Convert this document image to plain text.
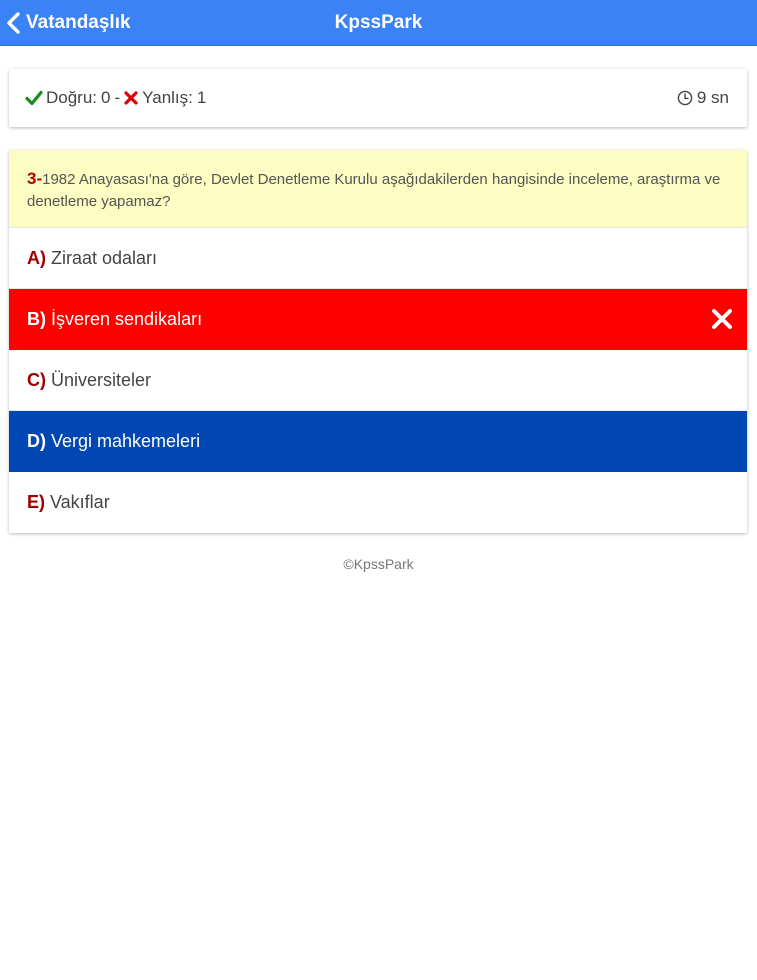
Vatandaşlık	KpssPark
Doğru: 0 - Yanlış: 1	9 sn
3-1982 Anayasası'na göre, Devlet Denetleme Kurulu aşağıdakilerden hangisinde inceleme, araştırma ve denetleme yapamaz?
A) Ziraat odaları
B) İşveren sendikaları
C) Üniversiteler
D) Vergi mahkemeleri
E) Vakıflar
©KpssPark
